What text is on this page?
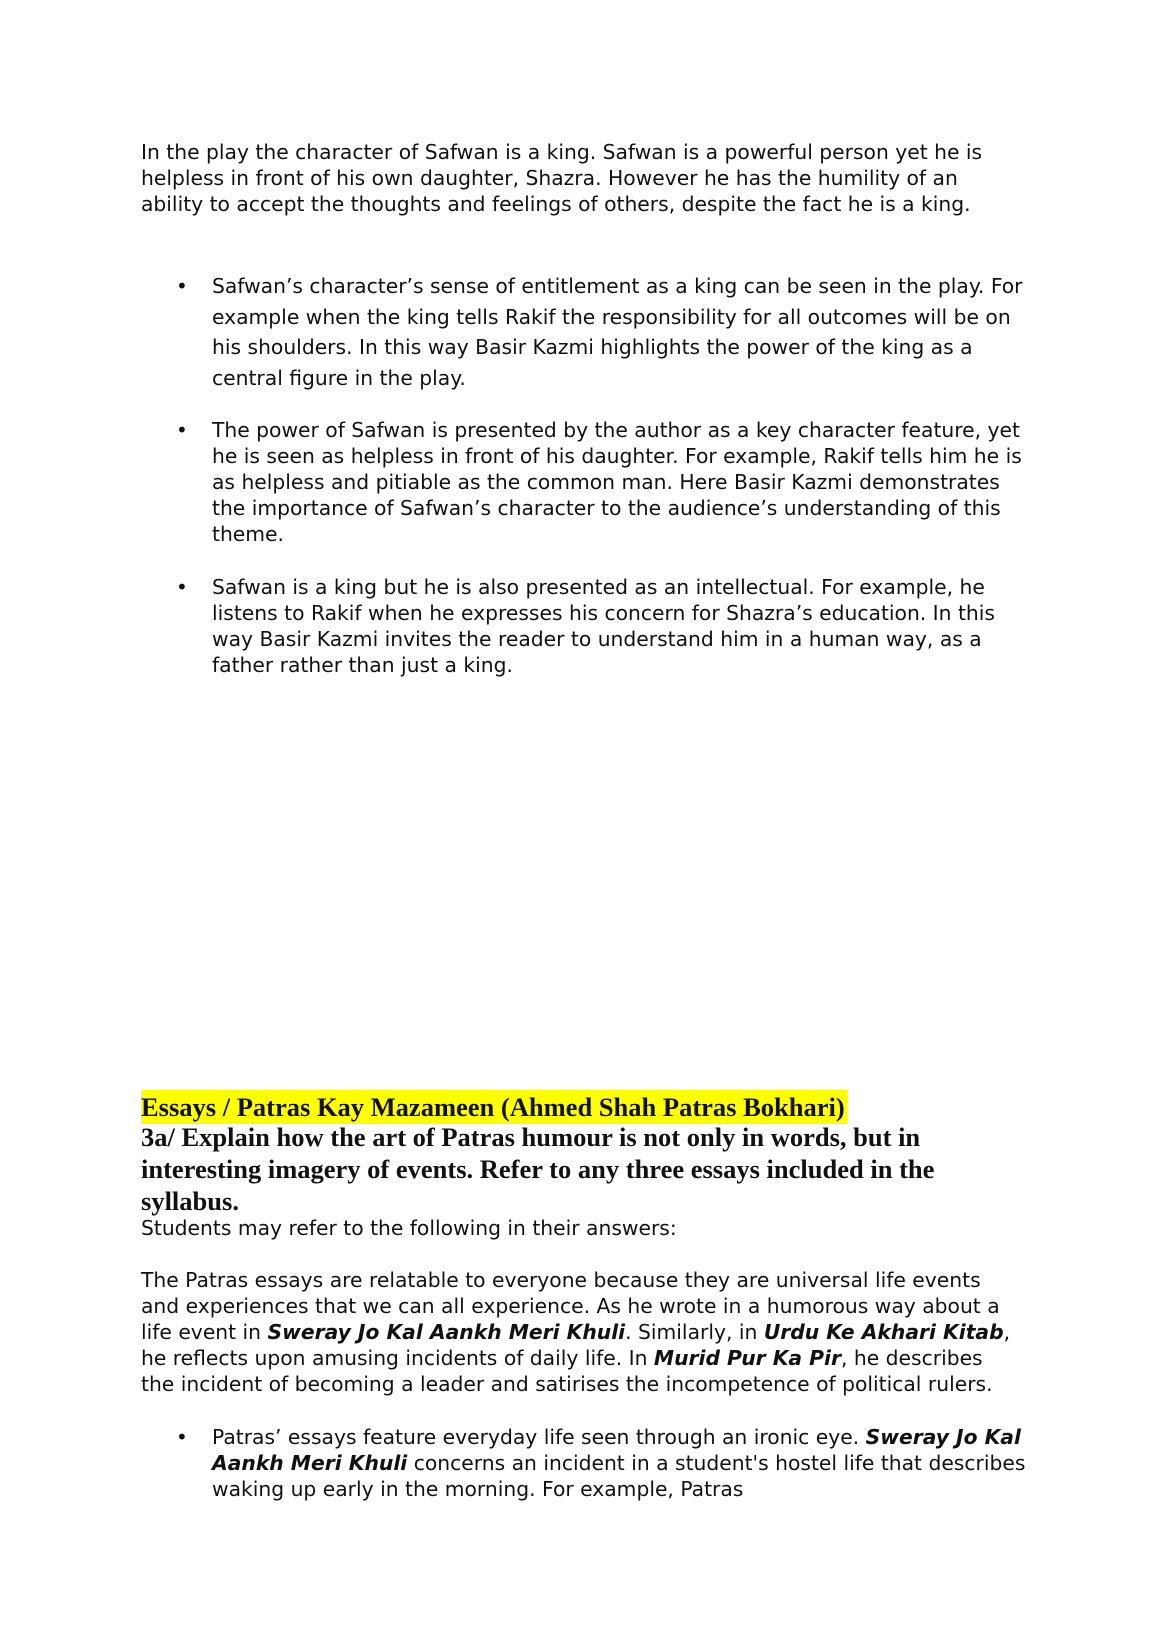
In the play the character of Safwan is a king. Safwan is a powerful person yet he is helpless in front of his own daughter, Shazra. However he has the humility of an ability to accept the thoughts and feelings of others, despite the fact he is a king.
• Safwan’s character’s sense of entitlement as a king can be seen in the play. For example when the king tells Rakif the responsibility for all outcomes will be on his shoulders. In this way Basir Kazmi highlights the power of the king as a central figure in the play.
• The power of Safwan is presented by the author as a key character feature, yet he is seen as helpless in front of his daughter. For example, Rakif tells him he is as helpless and pitiable as the common man. Here Basir Kazmi demonstrates the importance of Safwan’s character to the audience’s understanding of this theme.
• Safwan is a king but he is also presented as an intellectual. For example, he listens to Rakif when he expresses his concern for Shazra’s education. In this way Basir Kazmi invites the reader to understand him in a human way, as a father rather than just a king.
Essays / Patras Kay Mazameen (Ahmed Shah Patras Bokhari)
3a/ Explain how the art of Patras humour is not only in words, but in interesting imagery of events. Refer to any three essays included in the syllabus.
Students may refer to the following in their answers:
The Patras essays are relatable to everyone because they are universal life events and experiences that we can all experience. As he wrote in a humorous way about a life event in Sweray Jo Kal Aankh Meri Khuli. Similarly, in Urdu Ke Akhari Kitab, he reflects upon amusing incidents of daily life. In Murid Pur Ka Pir, he describes the incident of becoming a leader and satirises the incompetence of political rulers.
• Patras’ essays feature everyday life seen through an ironic eye. Sweray Jo Kal Aankh Meri Khuli concerns an incident in a student's hostel life that describes waking up early in the morning. For example, Patras
